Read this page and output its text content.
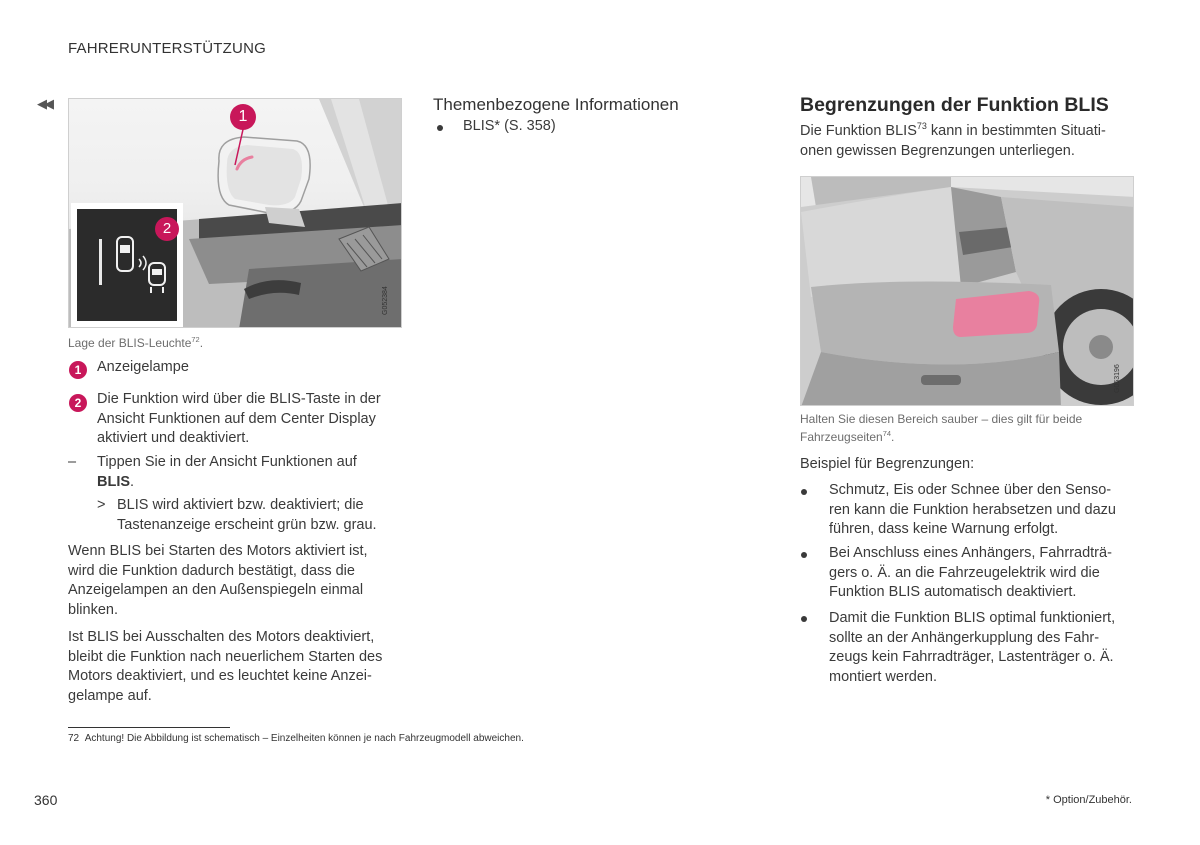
FAHRERUNTERSTÜTZUNG
◀◀
1
2
G052384
Lage der BLIS-Leuchte$^{72}$.
1	Anzeigelampe
2	Die Funktion wird über die BLIS-Taste in der
Ansicht Funktionen auf dem Center Display
aktiviert und deaktiviert.
– Tippen Sie in der Ansicht Funktionen auf
BLIS.
> BLIS wird aktiviert bzw. deaktiviert; die
Tastenanzeige erscheint grün bzw. grau.
Wenn BLIS bei Starten des Motors aktiviert ist,
wird die Funktion dadurch bestätigt, dass die
Anzeigelampen an den Außenspiegeln einmal
blinken.
Ist BLIS bei Ausschalten des Motors deaktiviert,
bleibt die Funktion nach neuerlichem Starten des
Motors deaktiviert, und es leuchtet keine Anzei-
gelampe auf.
Themenbezogene Informationen
BLIS* (S. 358)
Begrenzungen der Funktion BLIS
Die Funktion BLIS$^{73}$ kann in bestimmten Situati-
onen gewissen Begrenzungen unterliegen.
G053196
Halten Sie diesen Bereich sauber – dies gilt für beide
Fahrzeugseiten$^{74}$.
Beispiel für Begrenzungen:
Schmutz, Eis oder Schnee über den Senso-
ren kann die Funktion herabsetzen und dazu
führen, dass keine Warnung erfolgt.
Bei Anschluss eines Anhängers, Fahrradträ-
gers o. Ä. an die Fahrzeugelektrik wird die
Funktion BLIS automatisch deaktiviert.
Damit die Funktion BLIS optimal funktioniert,
sollte an der Anhängerkupplung des Fahr-
zeugs kein Fahrradträger, Lastenträger o. Ä.
montiert werden.
72 Achtung! Die Abbildung ist schematisch – Einzelheiten können je nach Fahrzeugmodell abweichen.
360	* Option/Zubehör.
